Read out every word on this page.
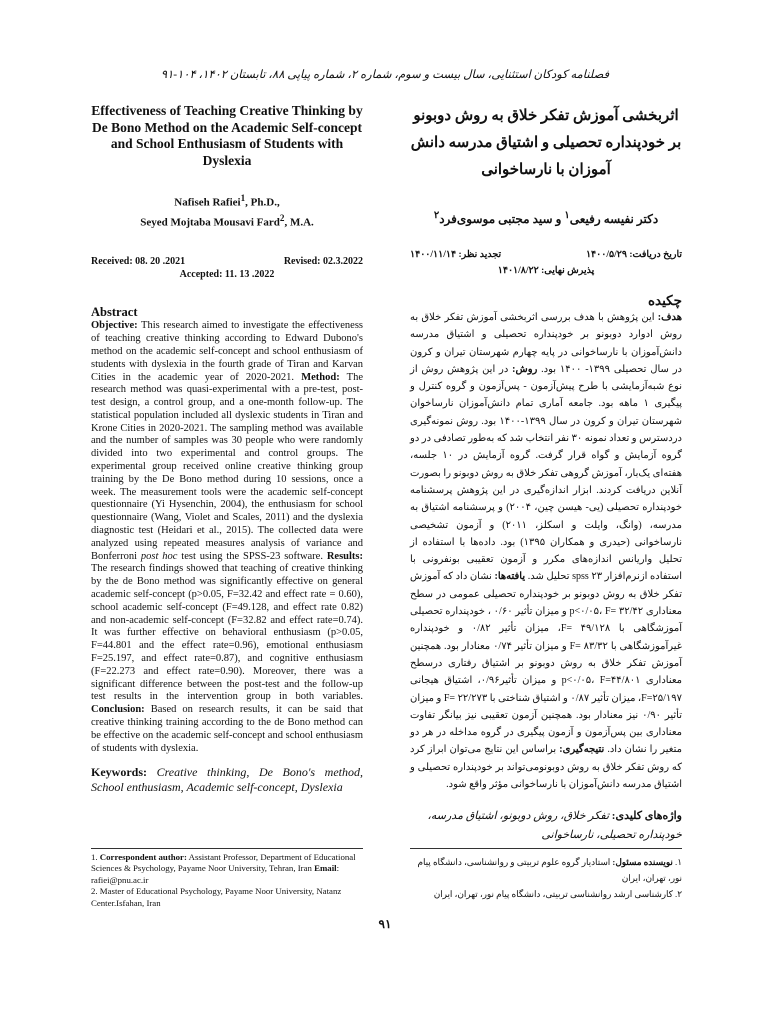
فصلنامه کودکان استثنایی، سال بیست و سوم، شماره ۲، شماره پیاپی ۸۸، تابستان ۱۴۰۲، ۱۰۴-۹۱
Effectiveness of Teaching Creative Thinking by De Bono Method on the Academic Self-concept and School Enthusiasm of Students with Dyslexia
Nafiseh Rafiei$^1$, Ph.D.,
Seyed Mojtaba Mousavi Fard$^2$, M.A.
Received: 08. 20 .2021	Revised: 02.3.2022
Accepted: 11. 13 .2022
Abstract

Objective: This research aimed to investigate the effectiveness of teaching creative thinking according to Edward Dubono's method on the academic self-concept and school enthusiasm of students with dyslexia in the fourth grade of Tiran and Karvan Cities in the academic year of 2020-2021. Method: The research method was quasi-experimental with a pre-test, post-test design, a control group, and a one-month follow-up. The statistical population included all dyslexic students in Tiran and Krone Cities in 2020-2021. The sampling method was available and the number of samples was 30 people who were randomly divided into two experimental and control groups. The experimental group received online creative thinking group training by the De Bono method during 10 sessions, once a week. The measurement tools were the academic self-concept questionnaire (Yi Hysenchin, 2004), the enthusiasm for school questionnaire (Wang, Violet and Scales, 2011) and the dyslexia diagnostic test (Heidari et al., 2015). The collected data were analyzed using repeated measures analysis of variance and Bonferroni post hoc test using the SPSS-23 software. Results: The research findings showed that teaching of creative thinking by the de Bono method was significantly effective on general academic self-concept (p>0.05, F=32.42 and effect rate = 0.60), school academic self-concept (F=49.128, and effect rate 0.82) and non-academic self-concept (F=32.82 and effect rate=0.74). It was further effective on behavioral enthusiasm (p>0.05, F=44.801 and the effect rate=0.96), emotional enthusiasm F=25.197, and effect rate=0.87), and cognitive enthusiasm (F=22.273 and effect rate=0.90). Moreover, there was a significant difference between the post-test and the follow-up test results in the intervention group in both variables. Conclusion: Based on research results, it can be said that creative thinking training according to the de Bono method can be effective on the academic self-concept and school enthusiasm of students with dyslexia.

Keywords: Creative thinking, De Bono's method, School enthusiasm, Academic self-concept, Dyslexia
1. Correspondent author: Assistant Professor, Department of Educational Sciences & Psychology, Payame Noor University, Tehran, Iran Email: rafiei@pnu.ac.ir
2. Master of Educational Psychology, Payame Noor University, Natanz Center.Isfahan, Iran
اثربخشی آموزش تفکر خلاق به روش دوبونو بر خودپنداره تحصیلی و اشتیاق مدرسه دانش آموزان با نارساخوانی
دکتر نفیسه رفیعی$^۱$ و سید مجتبی موسوی‌فرد$^۲$
تاریخ دریافت: ۱۴۰۰/۵/۲۹
تجدید نظر: ۱۴۰۰/۱۱/۱۴
پذیرش نهایی: ۱۴۰۱/۸/۲۲
چکیده

هدف: این پژوهش با هدف بررسی اثربخشی آموزش تفکر خلاق به روش ادوارد دوبونو بر خودپنداره تحصیلی و اشتیاق مدرسه دانش‌آموزان با نارساخوانی در پایه چهارم شهرستان تیران و کرون در سال تحصیلی ۱۳۹۹- ۱۴۰۰ بود. روش: در این پژوهش روش از نوع شبه‌آزمایشی با طرح پیش‌آزمون - پس‌آزمون و گروه کنترل و پیگیری ۱ ماهه بود. جامعه آماری تمام دانش‌آموزان نارساخوان شهرستان تیران و کرون در سال ۱۳۹۹-۱۴۰۰ بود. روش نمونه‌گیری دردسترس و تعداد نمونه ۳۰ نفر انتخاب شد که به‌طور تصادفی در دو گروه آزمایش و گواه قرار گرفت. گروه آزمایش در ۱۰ جلسه، هفته‌ای یک‌بار، آموزش گروهی تفکر خلاق به روش دوبونو را بصورت آنلاین دریافت کردند. ابزار اندازه‌گیری در این پژوهش پرسشنامه خودپنداره تحصیلی (یی- هیسن چین، ۲۰۰۴) و پرسشنامه اشتیاق به مدرسه، (وانگ، وایلت و اسکلز، ۲۰۱۱) و آزمون تشخیصی نارساخوانی (حیدری و همکاران ۱۳۹۵) بود. داده‌ها با استفاده از تحلیل واریانس اندازه‌های مکرر و آزمون تعقیبی بونفرونی با استفاده ازنرم‌افزار ۲۳ spss تحلیل شد. یافته‌ها: نشان داد که آموزش تفکر خلاق به روش دوبونو بر خودپنداره تحصیلی عمومی در سطح معناداری p<۰/۰۵، F= ۳۲/۴۲ و میزان تأثیر ۰/۶۰ ، خودپنداره تحصیلی آموزشگاهی با F= ۴۹/۱۲۸، میزان تأثیر ۰/۸۲ و خودپنداره غیرآموزشگاهی با F= ۸۳/۳۲ و میزان تأثیر ۰/۷۴ معنادار بود. همچنین آموزش تفکر خلاق به روش دوبونو بر اشتیاق رفتاری درسطح معناداری p<۰/۰۵، F=۴۴/۸۰۱ و میزان تأثیر۰/۹۶، اشتیاق هیجانی F=۲۵/۱۹۷، میزان تأثیر ۰/۸۷ و اشتیاق شناختی با F= ۲۲/۲۷۳ و میزان تأثیر ۰/۹۰ نیز معنادار بود. همچنین آزمون تعقیبی نیز بیانگر تفاوت معناداری بین پس‌آزمون و آزمون پیگیری در گروه مداخله در هر دو متغیر را نشان داد. نتیجه‌گیری: براساس این نتایج می‌توان ابراز کرد که روش تفکر خلاق به روش دوبونومی‌تواند بر خودپنداره تحصیلی و اشتیاق مدرسه دانش‌آموزان با نارساخوانی مؤثر واقع شود.

واژه‌های کلیدی: تفکر خلاق، روش دوبونو، اشتیاق مدرسه، خودپنداره تحصیلی، نارساخوانی
۱. نویسنده مسئول: استادیار گروه علوم تربیتی و روانشناسی، دانشگاه پیام نور، تهران، ایران
۲. کارشناسی ارشد روانشناسی تربیتی، دانشگاه پیام نور، تهران، ایران
۹۱
